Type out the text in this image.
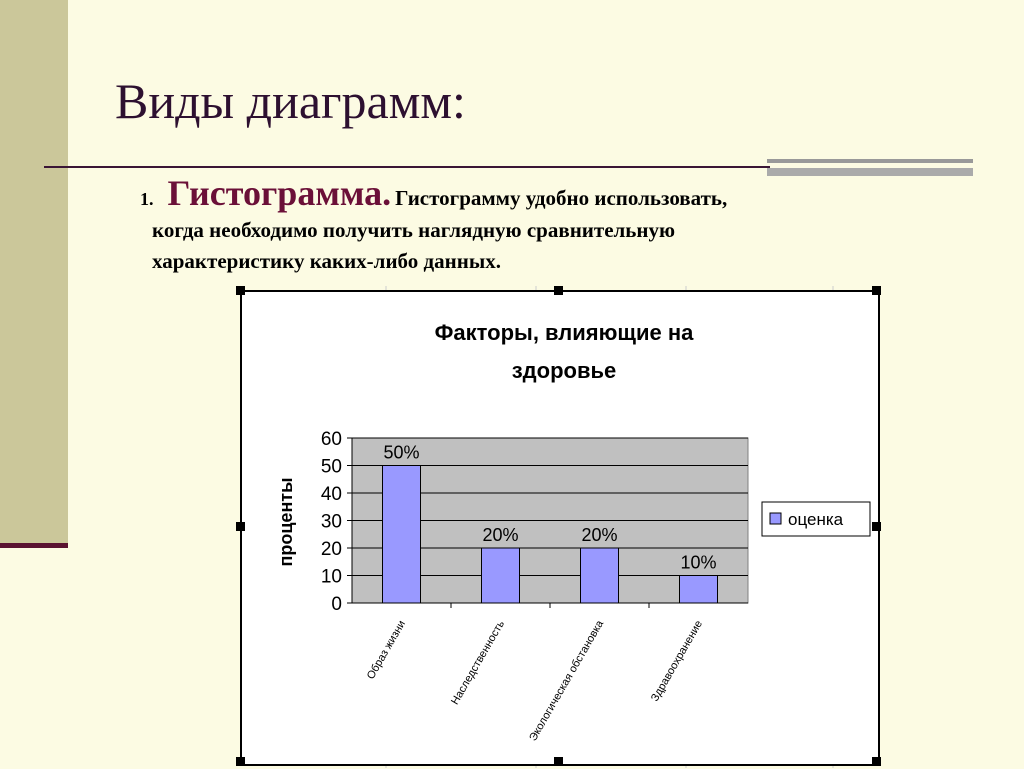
Виды диаграмм:
1. Гистограмма. Гистограмму удобно использовать,
когда необходимо получить наглядную сравнительную
характеристику каких-либо данных.
Факторы, влияющие на
здоровье
0
10
20
30
40
50
60
50%
Образ жизни
20%
Наследственность
20%
Экологическая обстановка
10%
Здравоохранение
проценты	оценка
